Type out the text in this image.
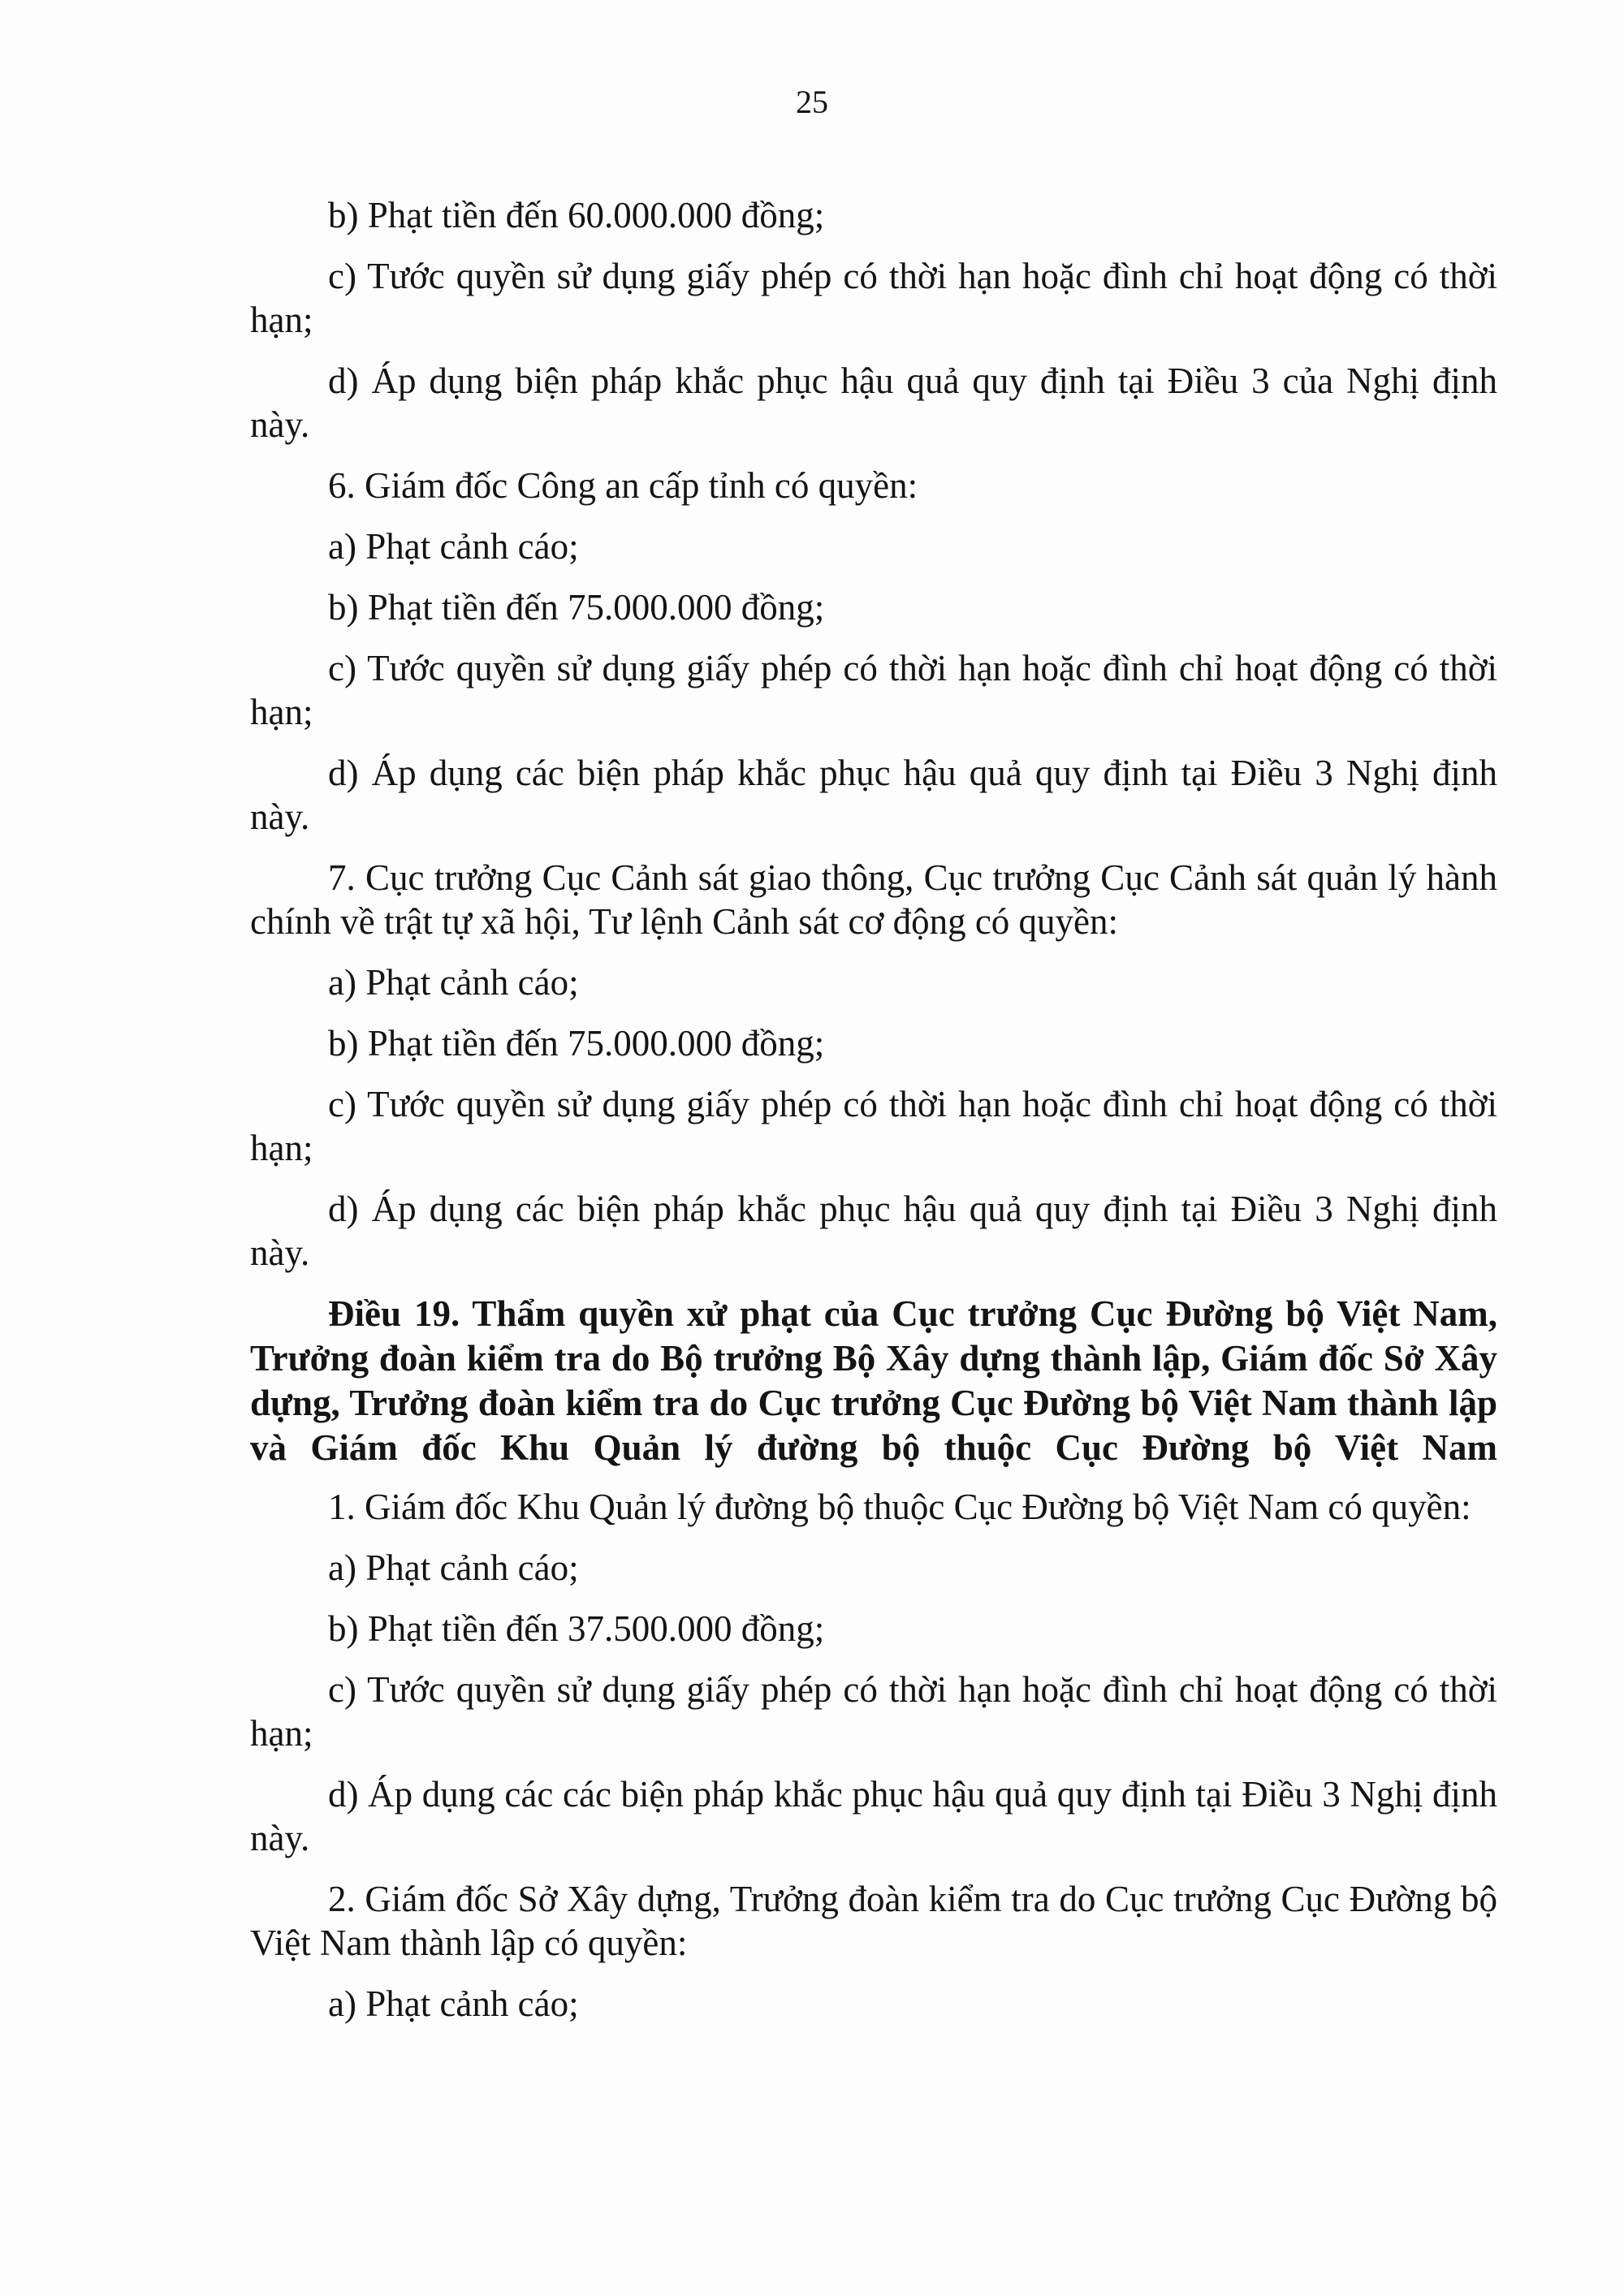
25

b) Phạt tiền đến 60.000.000 đồng;

c) Tước quyền sử dụng giấy phép có thời hạn hoặc đình chỉ hoạt động có thời hạn;

d) Áp dụng biện pháp khắc phục hậu quả quy định tại Điều 3 của Nghị định này.

6. Giám đốc Công an cấp tỉnh có quyền:

a) Phạt cảnh cáo;

b) Phạt tiền đến 75.000.000 đồng;

c) Tước quyền sử dụng giấy phép có thời hạn hoặc đình chỉ hoạt động có thời hạn;

d) Áp dụng các biện pháp khắc phục hậu quả quy định tại Điều 3 Nghị định này.

7. Cục trưởng Cục Cảnh sát giao thông, Cục trưởng Cục Cảnh sát quản lý hành chính về trật tự xã hội, Tư lệnh Cảnh sát cơ động có quyền:

a) Phạt cảnh cáo;

b) Phạt tiền đến 75.000.000 đồng;

c) Tước quyền sử dụng giấy phép có thời hạn hoặc đình chỉ hoạt động có thời hạn;

d) Áp dụng các biện pháp khắc phục hậu quả quy định tại Điều 3 Nghị định này.

Điều 19. Thẩm quyền xử phạt của Cục trưởng Cục Đường bộ Việt Nam, Trưởng đoàn kiểm tra do Bộ trưởng Bộ Xây dựng thành lập, Giám đốc Sở Xây dựng, Trưởng đoàn kiểm tra do Cục trưởng Cục Đường bộ Việt Nam thành lập và Giám đốc Khu Quản lý đường bộ thuộc Cục Đường bộ Việt Nam

1. Giám đốc Khu Quản lý đường bộ thuộc Cục Đường bộ Việt Nam có quyền:

a) Phạt cảnh cáo;

b) Phạt tiền đến 37.500.000 đồng;

c) Tước quyền sử dụng giấy phép có thời hạn hoặc đình chỉ hoạt động có thời hạn;

d) Áp dụng các các biện pháp khắc phục hậu quả quy định tại Điều 3 Nghị định này.

2. Giám đốc Sở Xây dựng, Trưởng đoàn kiểm tra do Cục trưởng Cục Đường bộ Việt Nam thành lập có quyền:

a) Phạt cảnh cáo;
